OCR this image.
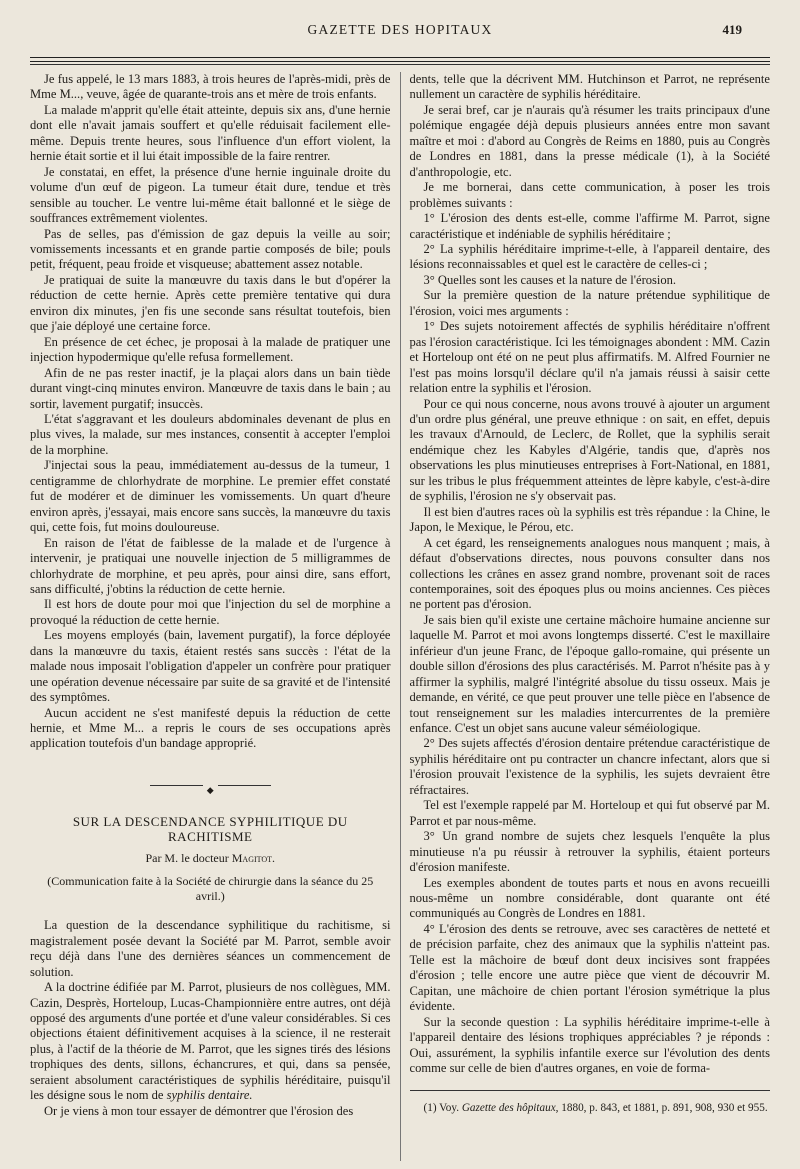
GAZETTE DES HOPITAUX	419

Je fus appelé, le 13 mars 1883, à trois heures de l'après-midi, près de Mme M..., veuve, âgée de quarante-trois ans et mère de trois enfants.

La malade m'apprit qu'elle était atteinte, depuis six ans, d'une hernie dont elle n'avait jamais souffert et qu'elle réduisait facilement elle-même. Depuis trente heures, sous l'influence d'un effort violent, la hernie était sortie et il lui était impossible de la faire rentrer.

Je constatai, en effet, la présence d'une hernie inguinale droite du volume d'un œuf de pigeon. La tumeur était dure, tendue et très sensible au toucher. Le ventre lui-même était ballonné et le siège de souffrances extrêmement violentes.

Pas de selles, pas d'émission de gaz depuis la veille au soir; vomissements incessants et en grande partie composés de bile; pouls petit, fréquent, peau froide et visqueuse; abattement assez notable.

Je pratiquai de suite la manœuvre du taxis dans le but d'opérer la réduction de cette hernie. Après cette première tentative qui dura environ dix minutes, j'en fis une seconde sans résultat toutefois, bien que j'aie déployé une certaine force.

En présence de cet échec, je proposai à la malade de pratiquer une injection hypodermique qu'elle refusa formellement.

Afin de ne pas rester inactif, je la plaçai alors dans un bain tiède durant vingt-cinq minutes environ. Manœuvre de taxis dans le bain ; au sortir, lavement purgatif; insuccès.

L'état s'aggravant et les douleurs abdominales devenant de plus en plus vives, la malade, sur mes instances, consentit à accepter l'emploi de la morphine.

J'injectai sous la peau, immédiatement au-dessus de la tumeur, 1 centigramme de chlorhydrate de morphine. Le premier effet constaté fut de modérer et de diminuer les vomissements. Un quart d'heure environ après, j'essayai, mais encore sans succès, la manœuvre du taxis qui, cette fois, fut moins douloureuse.

En raison de l'état de faiblesse de la malade et de l'urgence à intervenir, je pratiquai une nouvelle injection de 5 milligrammes de chlorhydrate de morphine, et peu après, pour ainsi dire, sans effort, sans difficulté, j'obtins la réduction de cette hernie.

Il est hors de doute pour moi que l'injection du sel de morphine a provoqué la réduction de cette hernie.

Les moyens employés (bain, lavement purgatif), la force déployée dans la manœuvre du taxis, étaient restés sans succès : l'état de la malade nous imposait l'obligation d'appeler un confrère pour pratiquer une opération devenue nécessaire par suite de sa gravité et de l'intensité des symptômes.

Aucun accident ne s'est manifesté depuis la réduction de cette hernie, et Mme M... a repris le cours de ses occupations après application toutefois d'un bandage approprié.

◆
SUR LA DESCENDANCE SYPHILITIQUE DU RACHITISME
Par M. le docteur Magitot.
(Communication faite à la Société de chirurgie dans la séance du 25 avril.)

La question de la descendance syphilitique du rachitisme, si magistralement posée devant la Société par M. Parrot, semble avoir reçu déjà dans l'une des dernières séances un commencement de solution.

A la doctrine édifiée par M. Parrot, plusieurs de nos collègues, MM. Cazin, Desprès, Horteloup, Lucas-Championnière entre autres, ont déjà opposé des arguments d'une portée et d'une valeur considérables. Si ces objections étaient définitivement acquises à la science, il ne resterait plus, à l'actif de la théorie de M. Parrot, que les signes tirés des lésions trophiques des dents, sillons, échancrures, et qui, dans sa pensée, seraient absolument caractéristiques de syphilis héréditaire, puisqu'il les désigne sous le nom de syphilis dentaire.

Or je viens à mon tour essayer de démontrer que l'érosion des

dents, telle que la décrivent MM. Hutchinson et Parrot, ne représente nullement un caractère de syphilis héréditaire.

Je serai bref, car je n'aurais qu'à résumer les traits principaux d'une polémique engagée déjà depuis plusieurs années entre mon savant maître et moi : d'abord au Congrès de Reims en 1880, puis au Congrès de Londres en 1881, dans la presse médicale (1), à la Société d'anthropologie, etc.

Je me bornerai, dans cette communication, à poser les trois problèmes suivants :

1° L'érosion des dents est-elle, comme l'affirme M. Parrot, signe caractéristique et indéniable de syphilis héréditaire ;

2° La syphilis héréditaire imprime-t-elle, à l'appareil dentaire, des lésions reconnaissables et quel est le caractère de celles-ci ;

3° Quelles sont les causes et la nature de l'érosion.

Sur la première question de la nature prétendue syphilitique de l'érosion, voici mes arguments :

1° Des sujets notoirement affectés de syphilis héréditaire n'offrent pas l'érosion caractéristique. Ici les témoignages abondent : MM. Cazin et Horteloup ont été on ne peut plus affirmatifs. M. Alfred Fournier ne l'est pas moins lorsqu'il déclare qu'il n'a jamais réussi à saisir cette relation entre la syphilis et l'érosion.

Pour ce qui nous concerne, nous avons trouvé à ajouter un argument d'un ordre plus général, une preuve ethnique : on sait, en effet, depuis les travaux d'Arnould, de Leclerc, de Rollet, que la syphilis serait endémique chez les Kabyles d'Algérie, tandis que, d'après nos observations les plus minutieuses entreprises à Fort-National, en 1881, sur les tribus le plus fréquemment atteintes de lèpre kabyle, c'est-à-dire de syphilis, l'érosion ne s'y observait pas.

Il est bien d'autres races où la syphilis est très répandue : la Chine, le Japon, le Mexique, le Pérou, etc.

A cet égard, les renseignements analogues nous manquent ; mais, à défaut d'observations directes, nous pouvons consulter dans nos collections les crânes en assez grand nombre, provenant soit de races contemporaines, soit des époques plus ou moins anciennes. Ces pièces ne portent pas d'érosion.

Je sais bien qu'il existe une certaine mâchoire humaine ancienne sur laquelle M. Parrot et moi avons longtemps disserté. C'est le maxillaire inférieur d'un jeune Franc, de l'époque gallo-romaine, qui présente un double sillon d'érosions des plus caractérisés. M. Parrot n'hésite pas à y affirmer la syphilis, malgré l'intégrité absolue du tissu osseux. Mais je demande, en vérité, ce que peut prouver une telle pièce en l'absence de tout renseignement sur les maladies intercurrentes de la première enfance. C'est un objet sans aucune valeur séméiologique.

2° Des sujets affectés d'érosion dentaire prétendue caractéristique de syphilis héréditaire ont pu contracter un chancre infectant, alors que si l'érosion prouvait l'existence de la syphilis, les sujets devraient être réfractaires.

Tel est l'exemple rappelé par M. Horteloup et qui fut observé par M. Parrot et par nous-même.

3° Un grand nombre de sujets chez lesquels l'enquête la plus minutieuse n'a pu réussir à retrouver la syphilis, étaient porteurs d'érosion manifeste.

Les exemples abondent de toutes parts et nous en avons recueilli nous-même un nombre considérable, dont quarante ont été communiqués au Congrès de Londres en 1881.

4° L'érosion des dents se retrouve, avec ses caractères de netteté et de précision parfaite, chez des animaux que la syphilis n'atteint pas. Telle est la mâchoire de bœuf dont deux incisives sont frappées d'érosion ; telle encore une autre pièce que vient de découvrir M. Capitan, une mâchoire de chien portant l'érosion symétrique la plus évidente.

Sur la seconde question : La syphilis héréditaire imprime-t-elle à l'appareil dentaire des lésions trophiques appréciables ? je réponds : Oui, assurément, la syphilis infantile exerce sur l'évolution des dents comme sur celle de bien d'autres organes, en voie de forma-

(1) Voy. Gazette des hôpitaux, 1880, p. 843, et 1881, p. 891, 908, 930 et 955.
